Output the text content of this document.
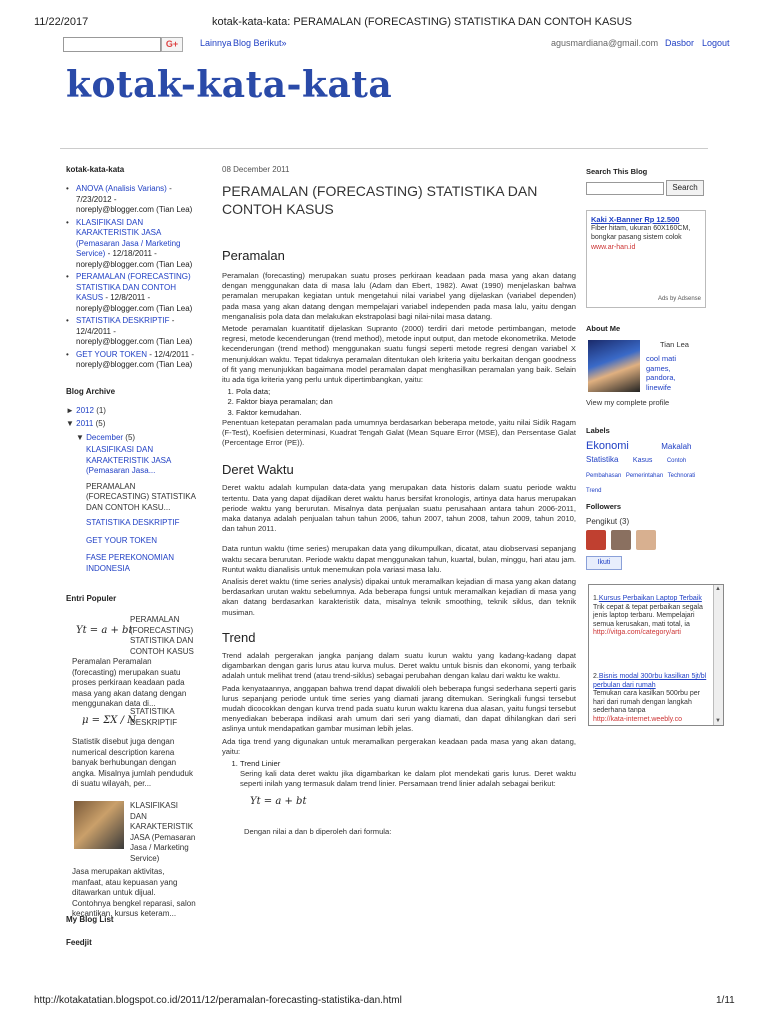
11/22/2017	kotak-kata-kata: PERAMALAN (FORECASTING) STATISTIKA DAN CONTOH KASUS
G+	Lainnya Blog Berikut»	agusmardiana@gmail.com Dasbor Logout
kotak-kata-kata
kotak-kata-kata
• ANOVA (Analisis Varians) - 7/23/2012 - noreply@blogger.com (Tian Lea)
• KLASIFIKASI DAN KARAKTERISTIK JASA (Pemasaran Jasa / Marketing Service) - 12/18/2011 - noreply@blogger.com (Tian Lea)
• PERAMALAN (FORECASTING) STATISTIKA DAN CONTOH KASUS - 12/8/2011 - noreply@blogger.com (Tian Lea)
• STATISTIKA DESKRIPTIF - 12/4/2011 - noreply@blogger.com (Tian Lea)
• GET YOUR TOKEN - 12/4/2011 - noreply@blogger.com (Tian Lea)
Blog Archive
► 2012 (1)
▼ 2011 (5)
▼ December (5)
KLASIFIKASI DAN KARAKTERISTIK JASA (Pemasaran Jasa...
PERAMALAN (FORECASTING) STATISTIKA DAN CONTOH KASU...
STATISTIKA DESKRIPTIF
GET YOUR TOKEN
FASE PEREKONOMIAN INDONESIA
Entri Populer
Yt = a + bt
PERAMALAN (FORECASTING) STATISTIKA DAN CONTOH KASUS
Peramalan Peramalan (forecasting) merupakan suatu proses perkiraan keadaan pada masa yang akan datang dengan menggunakan data di...
μ = ΣX / N
STATISTIKA DESKRIPTIF
Statistik disebut juga dengan numerical description karena banyak berhubungan dengan angka. Misalnya jumlah penduduk di suatu wilayah, per...
KLASIFIKASI DAN KARAKTERISTIK JASA (Pemasaran Jasa / Marketing Service)
Jasa merupakan aktivitas, manfaat, atau kepuasan yang ditawarkan untuk dijual. Contohnya bengkel reparasi, salon kecantikan, kursus keteram...
My Blog List
Feedjit
08 December 2011
PERAMALAN (FORECASTING) STATISTIKA DAN CONTOH KASUS
Peramalan

Peramalan (forecasting) merupakan suatu proses perkiraan keadaan pada masa yang akan datang dengan menggunakan data di masa lalu (Adam dan Ebert, 1982). Awat (1990) menjelaskan bahwa peramalan merupakan kegiatan untuk mengetahui nilai variabel yang dijelaskan (variabel dependen) pada masa yang akan datang dengan mempelajari variabel independen pada masa lalu, yaitu dengan menganalisis pola data dan melakukan ekstrapolasi bagi nilai-nilai masa datang.

Metode peramalan kuantitatif dijelaskan Supranto (2000) terdiri dari metode pertimbangan, metode regresi, metode kecenderungan (trend method), metode input output, dan metode ekonometrika. Metode kecenderungan (trend method) menggunakan suatu fungsi seperti metode regresi dengan variabel X menunjukkan waktu. Tepat tidaknya peramalan ditentukan oleh kriteria yaitu berkaitan dengan goodness of fit yang menunjukkan bagaimana model peramalan dapat menghasilkan peramalan yang baik. Selain itu ada tiga kriteria yang perlu untuk dipertimbangkan, yaitu:

1. Pola data;
2. Faktor biaya peramalan; dan
3. Faktor kemudahan.

Penentuan ketepatan peramalan pada umumnya berdasarkan beberapa metode, yaitu nilai Sidik Ragam (F-Test), Koefisien determinasi, Kuadrat Tengah Galat (Mean Square Error (MSE), dan Persentase Galat (Percentage Error (PE)).

Deret Waktu

Deret waktu adalah kumpulan data-data yang merupakan data historis dalam suatu periode waktu tertentu. Data yang dapat dijadikan deret waktu harus bersifat kronologis, artinya data harus merupakan periode waktu yang berurutan. Misalnya data penjualan suatu perusahaan antara tahun 2006-2011, maka datanya adalah penjualan tahun tahun 2006, tahun 2007, tahun 2008, tahun 2009, tahun 2010, dan tahun 2011.

Data runtun waktu (time series) merupakan data yang dikumpulkan, dicatat, atau diobservasi sepanjang waktu secara berurutan. Periode waktu dapat menggunakan tahun, kuartal, bulan, minggu, hari atau jam. Runtut waktu dianalisis untuk menemukan pola variasi masa lalu.

Analisis deret waktu (time series analysis) dipakai untuk meramalkan kejadian di masa yang akan datang berdasarkan urutan waktu sebelumnya. Ada beberapa fungsi untuk meramalkan kejadian di masa yang akan datang berdasarkan karakteristik data, misalnya teknik smoothing, teknik siklus, dan teknik musiman.

Trend

Trend adalah pergerakan jangka panjang dalam suatu kurun waktu yang kadang-kadang dapat digambarkan dengan garis lurus atau kurva mulus. Deret waktu untuk bisnis dan ekonomi, yang terbaik adalah untuk melihat trend (atau trend-siklus) sebagai perubahan dengan kalau dari waktu ke waktu.

Pada kenyataannya, anggapan bahwa trend dapat diwakili oleh beberapa fungsi sederhana seperti garis lurus sepanjang periode untuk time series yang diamati jarang ditemukan. Seringkali fungsi tersebut mudah dicocokkan dengan kurva trend pada suatu kurun waktu karena dua alasan, yaitu fungsi tersebut menyediakan beberapa indikasi arah umum dari seri yang diamati, dan dapat dihilangkan dari seri aslinya untuk mendapatkan gambar musiman lebih jelas.

Ada tiga trend yang digunakan untuk meramalkan pergerakan keadaan pada masa yang akan datang, yaitu:

1. Trend Linier
Sering kali data deret waktu jika digambarkan ke dalam plot mendekati garis lurus. Deret waktu seperti inilah yang termasuk dalam trend linier. Persamaan trend linier adalah sebagai berikut:
Yt = a + bt
Dengan nilai a dan b diperoleh dari formula:
Search This Blog
Search
Kaki X-Banner Rp 12.500
Fiber hitam, ukuran 60X160CM, bongkar pasang sistem colok
www.ar-han.id
Ads by Adsense
About Me
Tian Lea
cool mati games, pandora, linewife
View my complete profile
Labels
Ekonomi	Makalah
Statistika Kasus Contoh
Pembahasan Pemerintahan Technorati
Trend
Followers
Pengikut (3)
Ikuti
1.Kursus Perbaikan Laptop Terbaik
Trik cepat & tepat perbaikan segala jenis laptop terbaru. Mempelajari semua kerusakan, mati total, ia
http://vitga.com/category/arti
2.Bisnis modal 300rbu kasilkan 5jt/bl perbulan dari rumah
Temukan cara kasilkan 500rbu per hari dari rumah dengan langkah sederhana tanpa
http://kata-internet.weebly.co
▲
▼
http://kotakatatian.blogspot.co.id/2011/12/peramalan-forecasting-statistika-dan.html	1/11
